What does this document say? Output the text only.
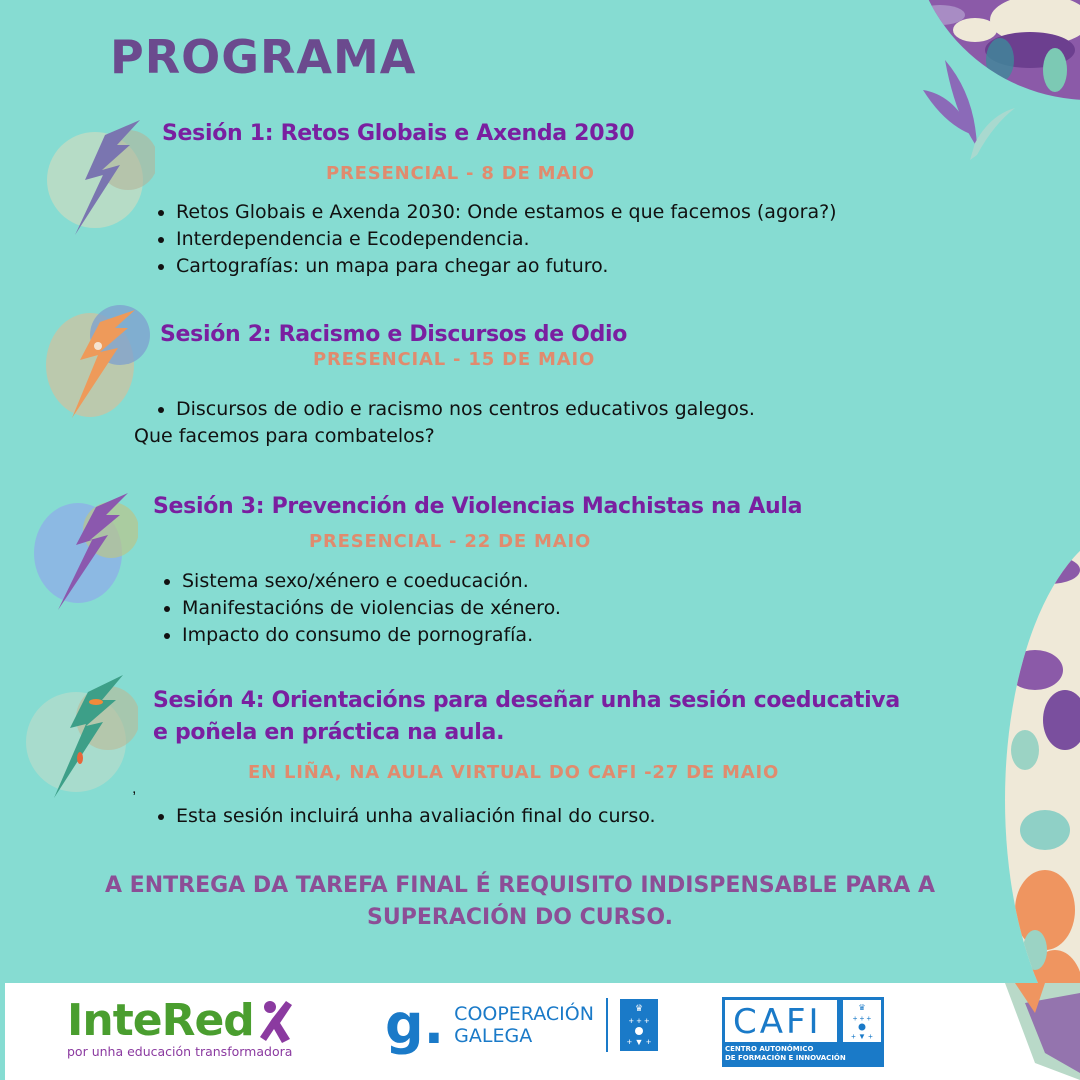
PROGRAMA
Sesión 1: Retos Globais e Axenda 2030
PRESENCIAL - 8 DE MAIO
Retos Globais e Axenda 2030: Onde estamos e que facemos (agora?)
Interdependencia e Ecodependencia.
Cartografías: un mapa para chegar ao futuro.
Sesión 2: Racismo e Discursos de Odio
PRESENCIAL - 15 DE MAIO
Discursos de odio e racismo nos centros educativos galegos.
Que facemos para combatelos?
Sesión 3: Prevención de Violencias Machistas na Aula
PRESENCIAL - 22 DE MAIO
Sistema sexo/xénero e coeducación.
Manifestacións de violencias de xénero.
Impacto do consumo de pornografía.
Sesión 4: Orientacións para deseñar unha sesión coeducativa
e poñela en práctica na aula.
EN LIÑA, NA AULA VIRTUAL DO CAFI -27 DE MAIO
,
Esta sesión incluirá unha avaliación final do curso.
A ENTREGA DA TAREFA FINAL É REQUISITO INDISPENSABLE PARA A
SUPERACIÓN DO CURSO.
InteRed
por unha educación transformadora g. COOPERACIÓN
GALEGA
♛
+ + +
+ ▼ + CAFI	♛
+ + +
+ ▼ +
CENTRO AUTONÓMICO
DE FORMACIÓN E INNOVACIÓN
